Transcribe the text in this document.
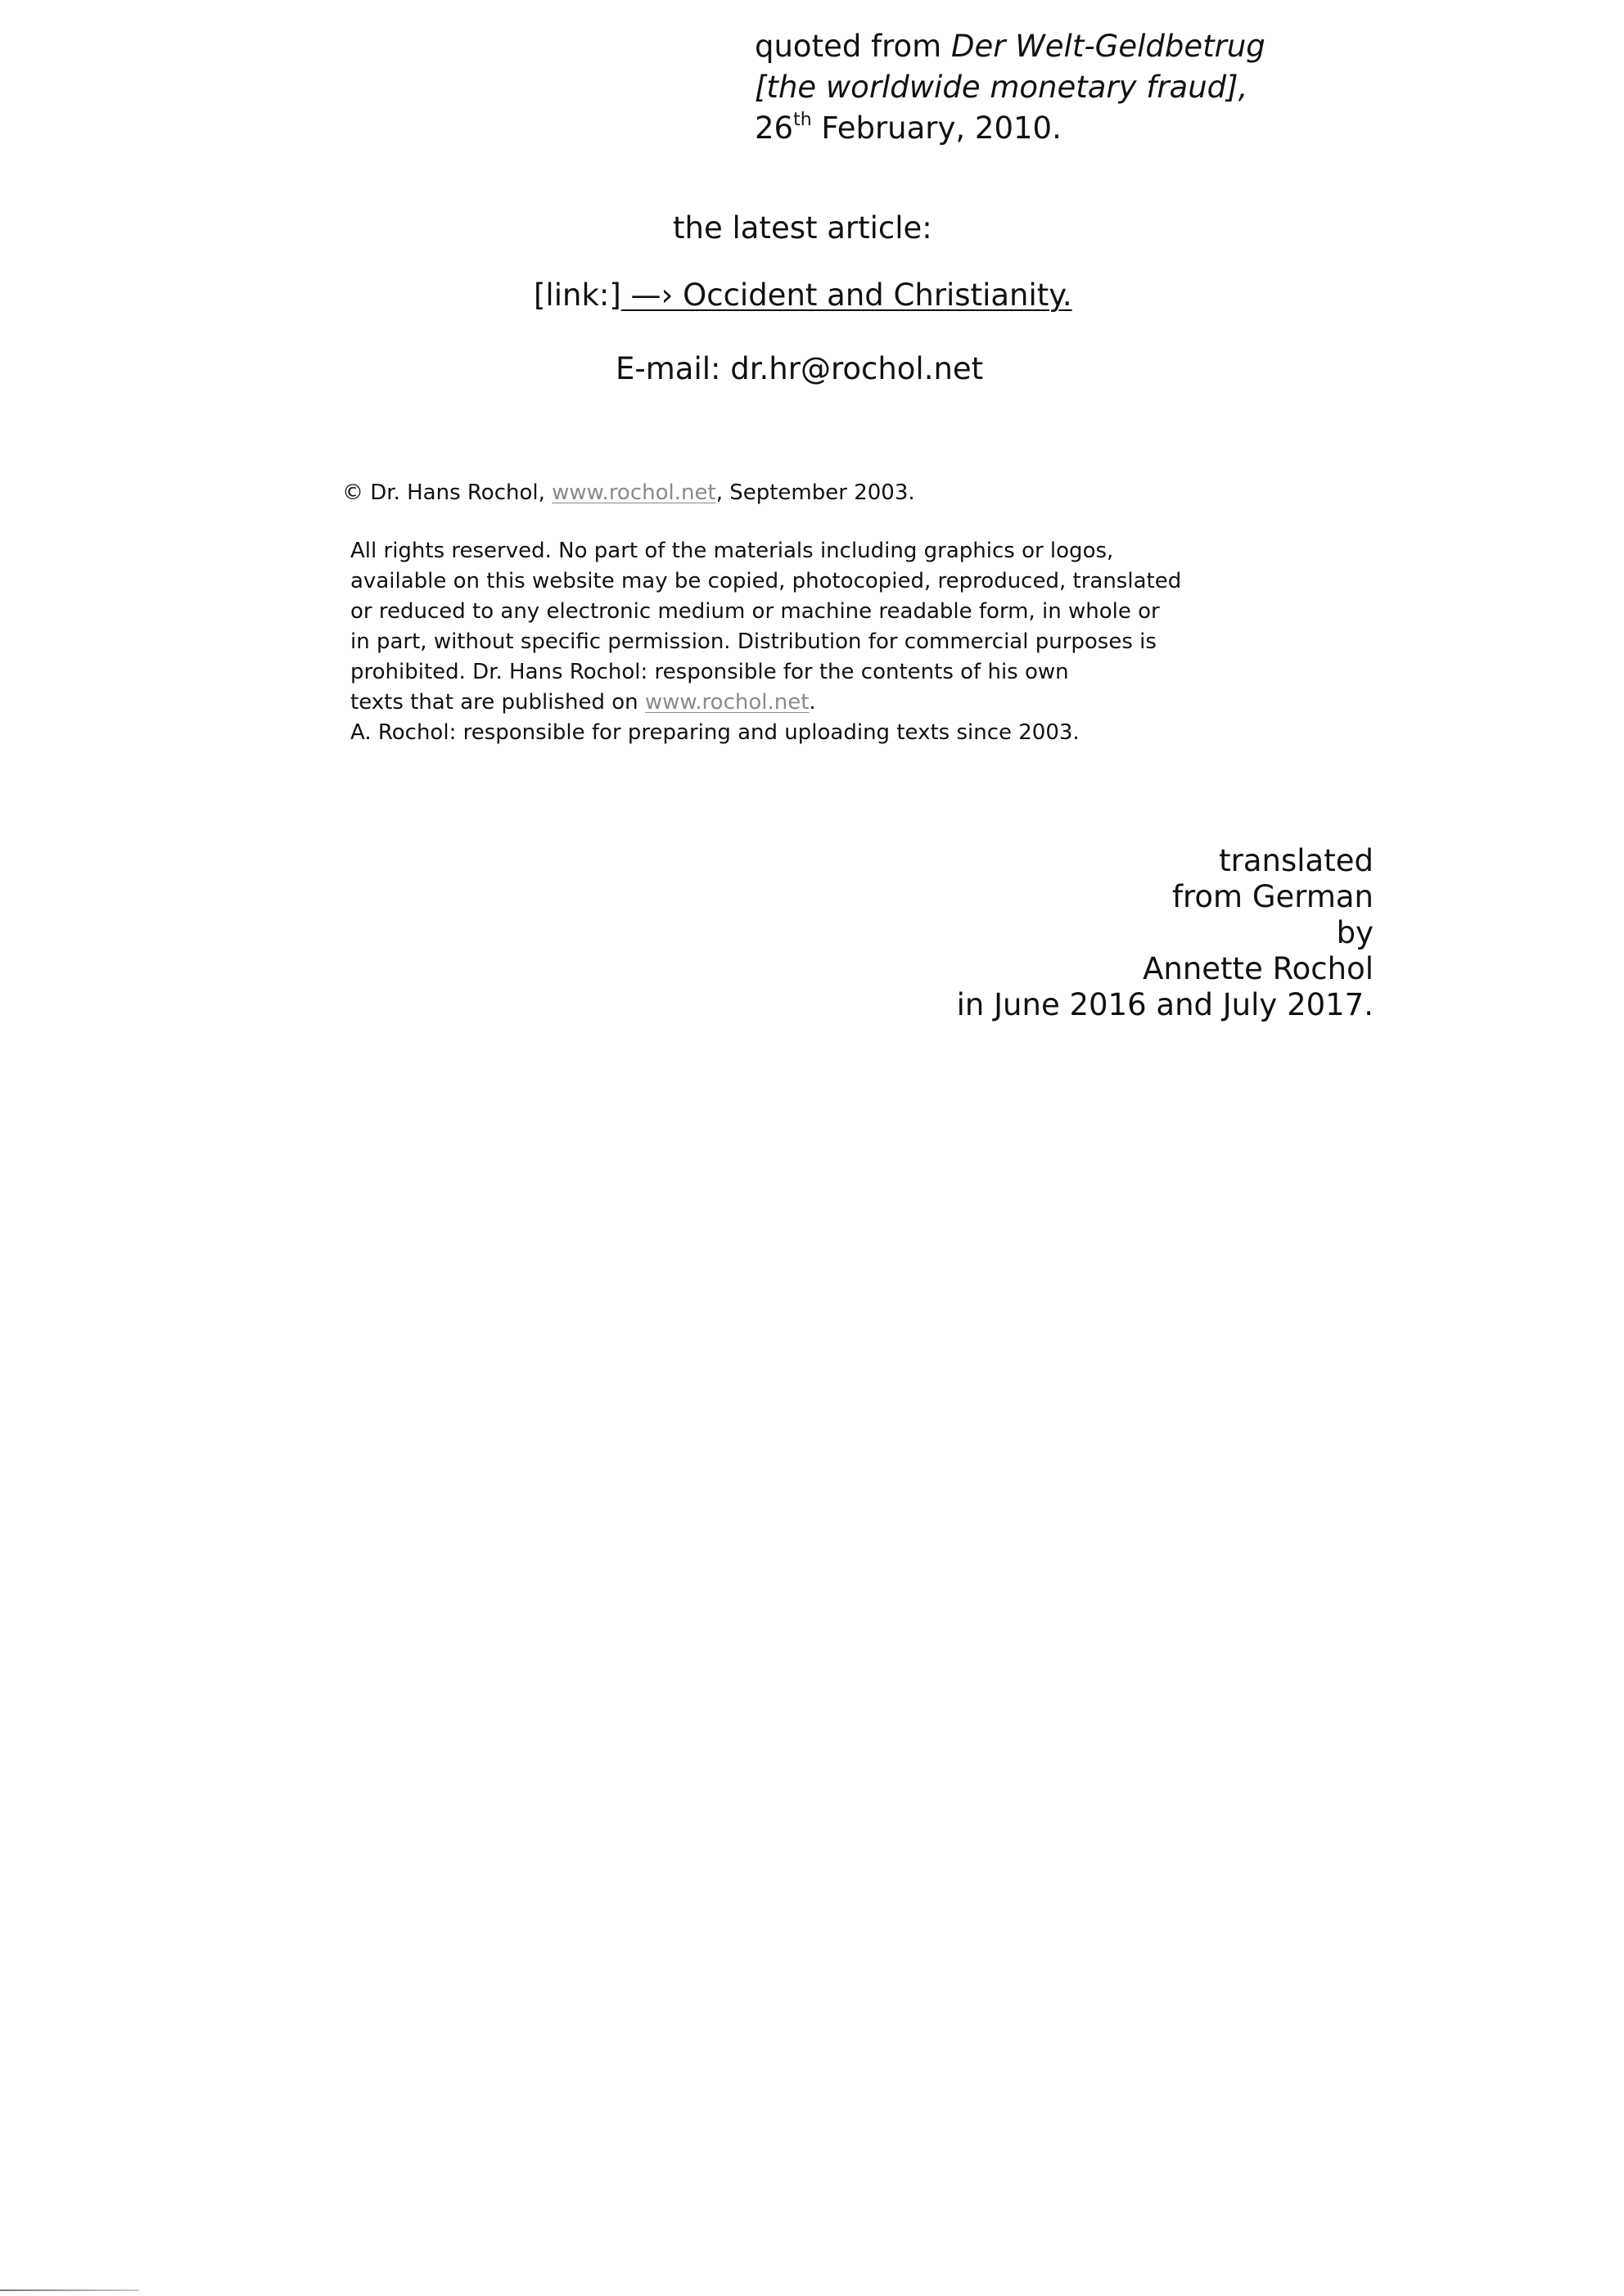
quoted from Der Welt-Geldbetrug
[the worldwide monetary fraud],
26th February, 2010.
the latest article:
[link:] —› Occident and Christianity.
E-mail: dr.hr@rochol.net
© Dr. Hans Rochol, www.rochol.net, September 2003.
All rights reserved. No part of the materials including graphics or logos,
available on this website may be copied, photocopied, reproduced, translated
or reduced to any electronic medium or machine readable form, in whole or
in part, without specific permission. Distribution for commercial purposes is
prohibited. Dr. Hans Rochol: responsible for the contents of his own
texts that are published on www.rochol.net.
A. Rochol: responsible for preparing and uploading texts since 2003.
translated
from German
by
Annette Rochol
in June 2016 and July 2017.
